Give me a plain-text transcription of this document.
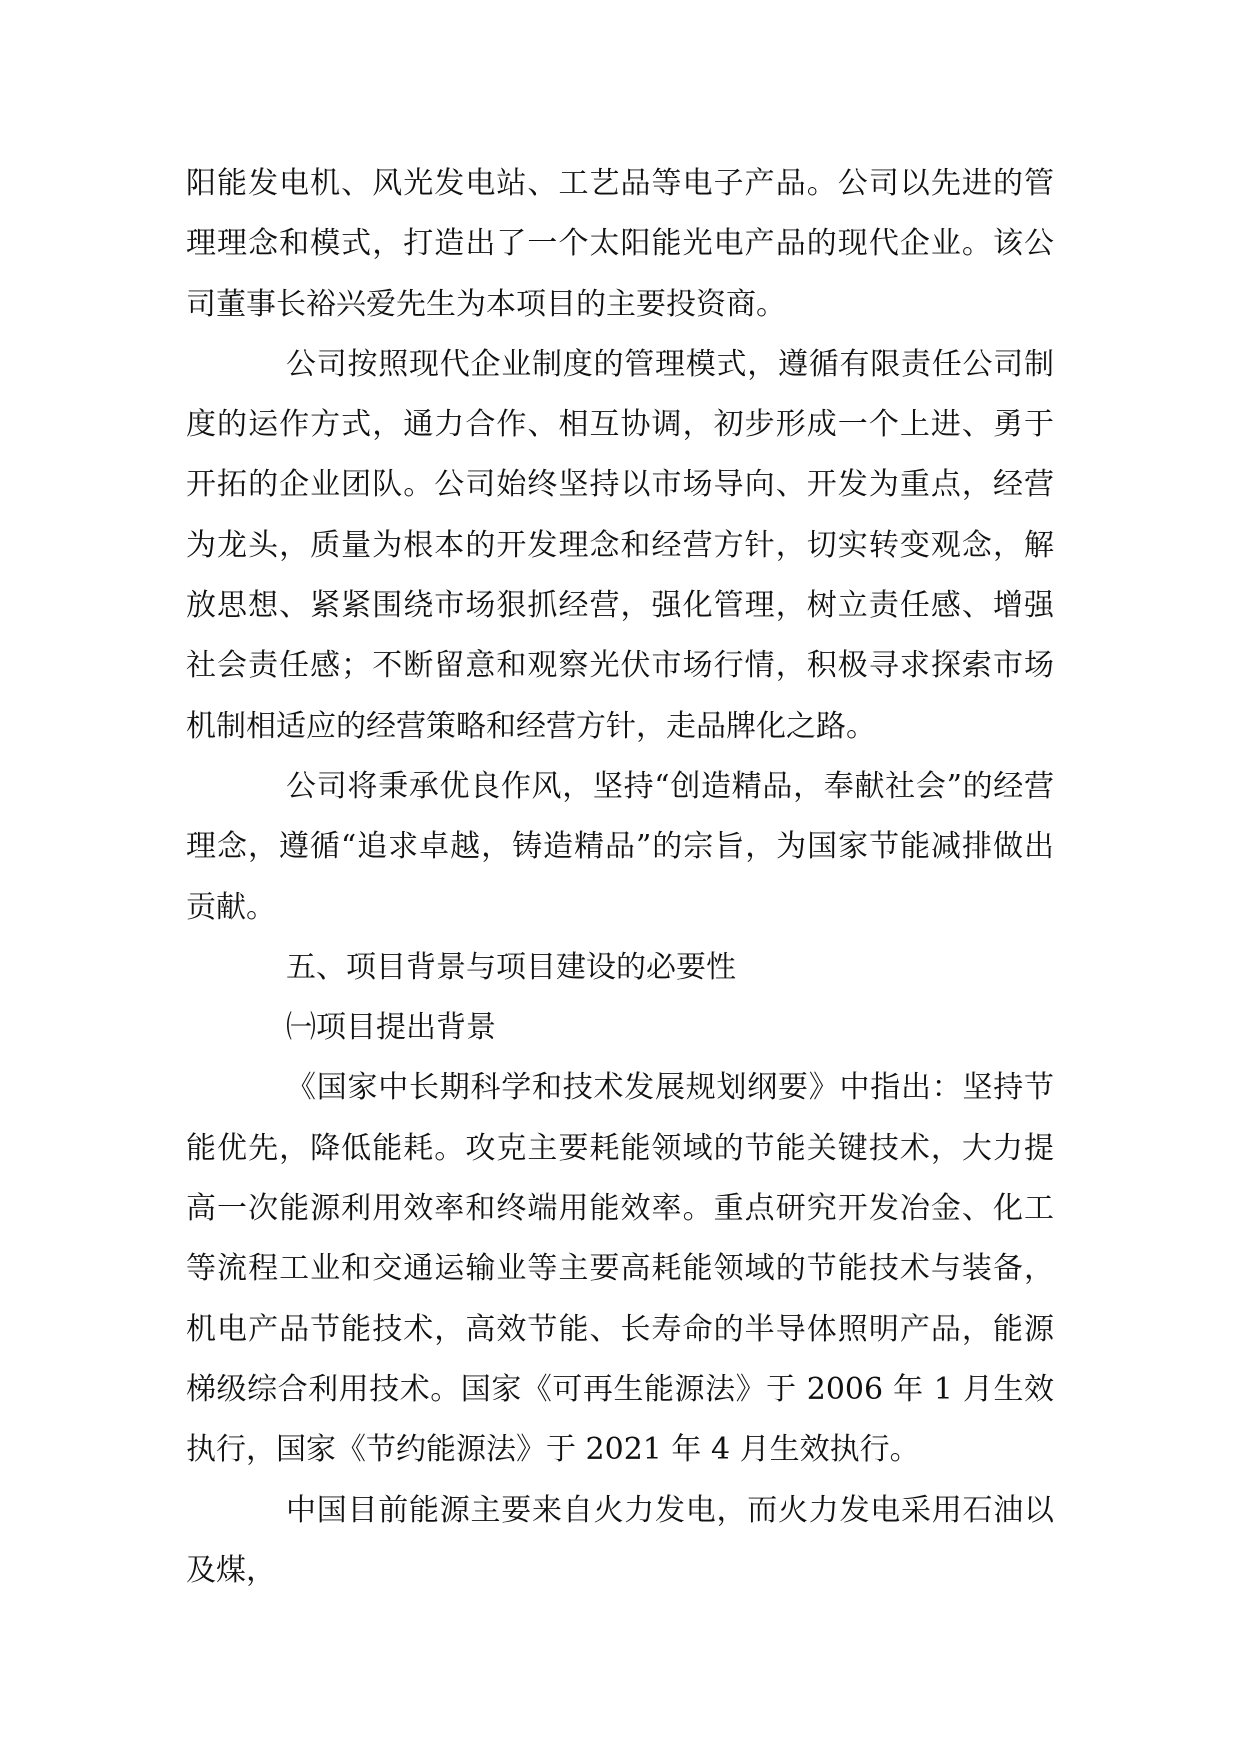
阳能发电机、风光发电站、工艺品等电子产品。公司以先进的管理理念和模式，打造出了一个太阳能光电产品的现代企业。该公司董事长裕兴爱先生为本项目的主要投资商。

公司按照现代企业制度的管理模式，遵循有限责任公司制度的运作方式，通力合作、相互协调，初步形成一个上进、勇于开拓的企业团队。公司始终坚持以市场导向、开发为重点，经营为龙头，质量为根本的开发理念和经营方针，切实转变观念，解放思想、紧紧围绕市场狠抓经营，强化管理，树立责任感、增强社会责任感；不断留意和观察光伏市场行情，积极寻求探索市场机制相适应的经营策略和经营方针，走品牌化之路。

公司将秉承优良作风，坚持“创造精品，奉献社会”的经营理念，遵循“追求卓越，铸造精品”的宗旨，为国家节能减排做出贡献。

五、项目背景与项目建设的必要性

㈠项目提出背景

《国家中长期科学和技术发展规划纲要》中指出：坚持节能优先，降低能耗。攻克主要耗能领域的节能关键技术，大力提高一次能源利用效率和终端用能效率。重点研究开发冶金、化工等流程工业和交通运输业等主要高耗能领域的节能技术与装备，机电产品节能技术，高效节能、长寿命的半导体照明产品，能源梯级综合利用技术。国家《可再生能源法》于 2006 年 1 月生效执行，国家《节约能源法》于 2021 年 4 月生效执行。

中国目前能源主要来自火力发电，而火力发电采用石油以及煤，
